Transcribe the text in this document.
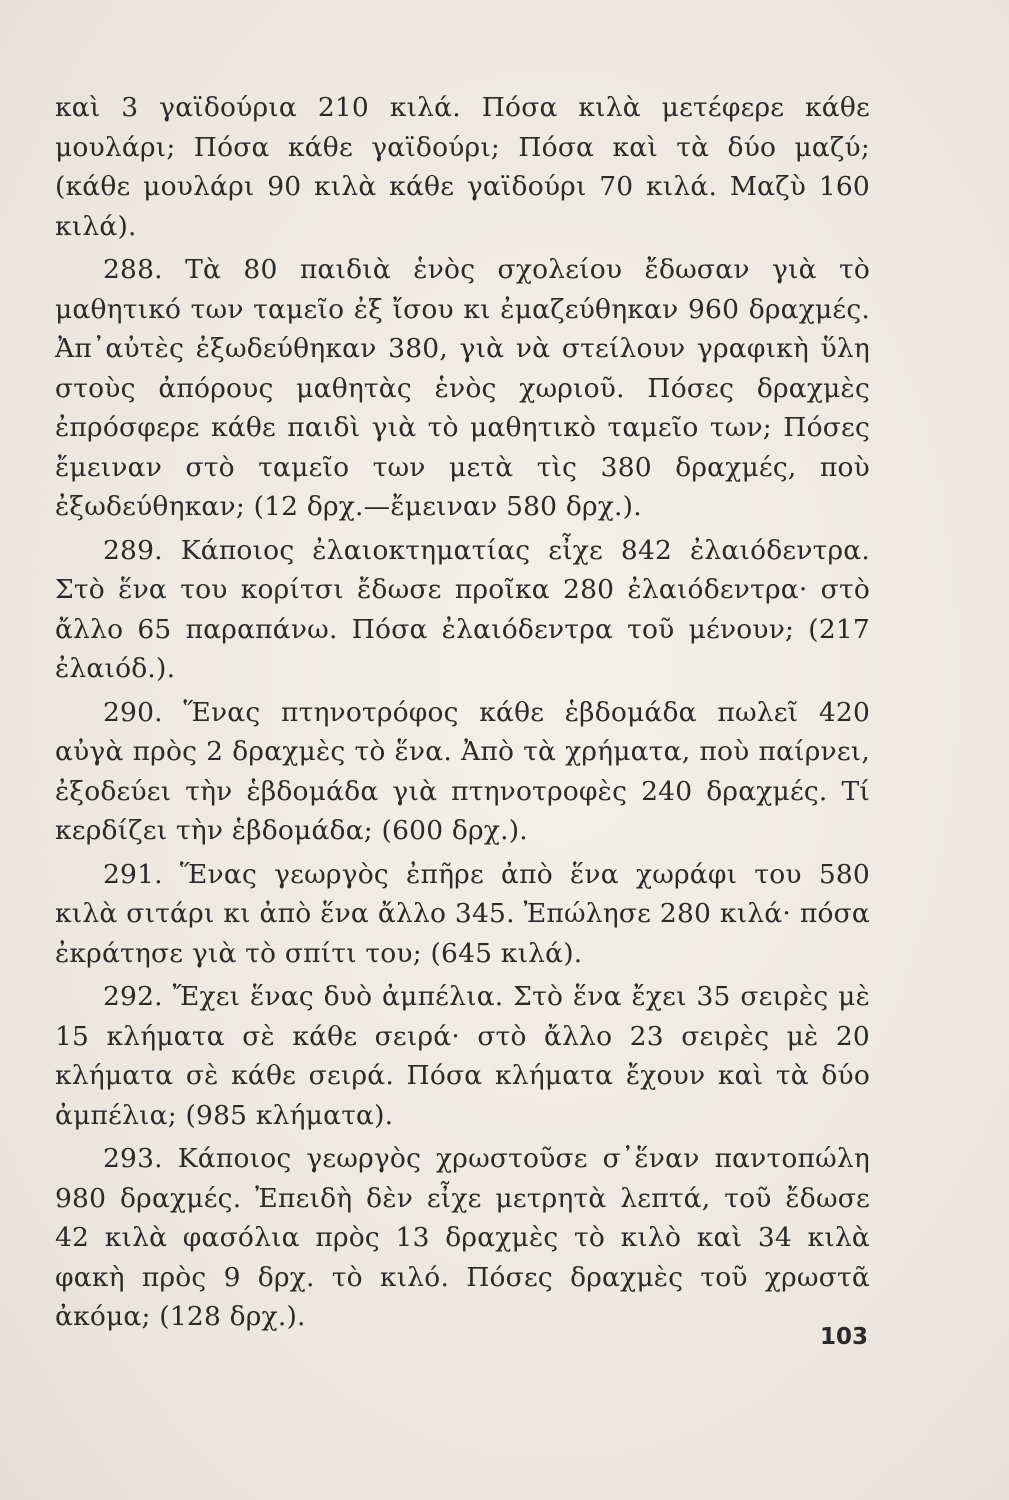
καὶ 3 γαϊδούρια 210 κιλά. Πόσα κιλὰ μετέφερε κάθε μουλάρι; Πόσα κάθε γαϊδούρι; Πόσα καὶ τὰ δύο μαζύ; (κάθε μουλάρι 90 κιλὰ κάθε γαϊδούρι 70 κιλά. Μαζὺ 160 κιλά).

288. Τὰ 80 παιδιὰ ἑνὸς σχολείου ἔδωσαν γιὰ τὸ μαθητικό των ταμεῖο ἐξ ἴσου κι ἐμαζεύθηκαν 960 δραχμές. Ἀπ᾽αὐτὲς ἐξωδεύθηκαν 380, γιὰ νὰ στείλουν γραφικὴ ὕλη στοὺς ἀπόρους μαθητὰς ἑνὸς χωριοῦ. Πόσες δραχμὲς ἐπρόσφερε κάθε παιδὶ γιὰ τὸ μαθητικὸ ταμεῖο των; Πόσες ἔμειναν στὸ ταμεῖο των μετὰ τὶς 380 δραχμές, ποὺ ἐξωδεύθηκαν; (12 δρχ.—ἔμειναν 580 δρχ.).

289. Κάποιος ἐλαιοκτηματίας εἶχε 842 ἐλαιόδεντρα. Στὸ ἕνα του κορίτσι ἔδωσε προῖκα 280 ἐλαιόδεντρα· στὸ ἄλλο 65 παραπάνω. Πόσα ἐλαιόδεντρα τοῦ μένουν; (217 ἐλαιόδ.).

290. Ἕνας πτηνοτρόφος κάθε ἑβδομάδα πωλεῖ 420 αὐγὰ πρὸς 2 δραχμὲς τὸ ἕνα. Ἀπὸ τὰ χρήματα, ποὺ παίρνει, ἐξοδεύει τὴν ἑβδομάδα γιὰ πτηνοτροφὲς 240 δραχμές. Τί κερδίζει τὴν ἑβδομάδα; (600 δρχ.).

291. Ἕνας γεωργὸς ἐπῆρε ἀπὸ ἕνα χωράφι του 580 κιλὰ σιτάρι κι ἀπὸ ἕνα ἄλλο 345. Ἐπώλησε 280 κιλά· πόσα ἐκράτησε γιὰ τὸ σπίτι του; (645 κιλά).

292. Ἔχει ἕνας δυὸ ἀμπέλια. Στὸ ἕνα ἔχει 35 σειρὲς μὲ 15 κλήματα σὲ κάθε σειρά· στὸ ἄλλο 23 σειρὲς μὲ 20 κλήματα σὲ κάθε σειρά. Πόσα κλήματα ἔχουν καὶ τὰ δύο ἀμπέλια; (985 κλήματα).

293. Κάποιος γεωργὸς χρωστοῦσε σ᾽ἕναν παντοπώλη 980 δραχμές. Ἐπειδὴ δὲν εἶχε μετρητὰ λεπτά, τοῦ ἔδωσε 42 κιλὰ φασόλια πρὸς 13 δραχμὲς τὸ κιλὸ καὶ 34 κιλὰ φακὴ πρὸς 9 δρχ. τὸ κιλό. Πόσες δραχμὲς τοῦ χρωστᾶ ἀκόμα; (128 δρχ.).

103
